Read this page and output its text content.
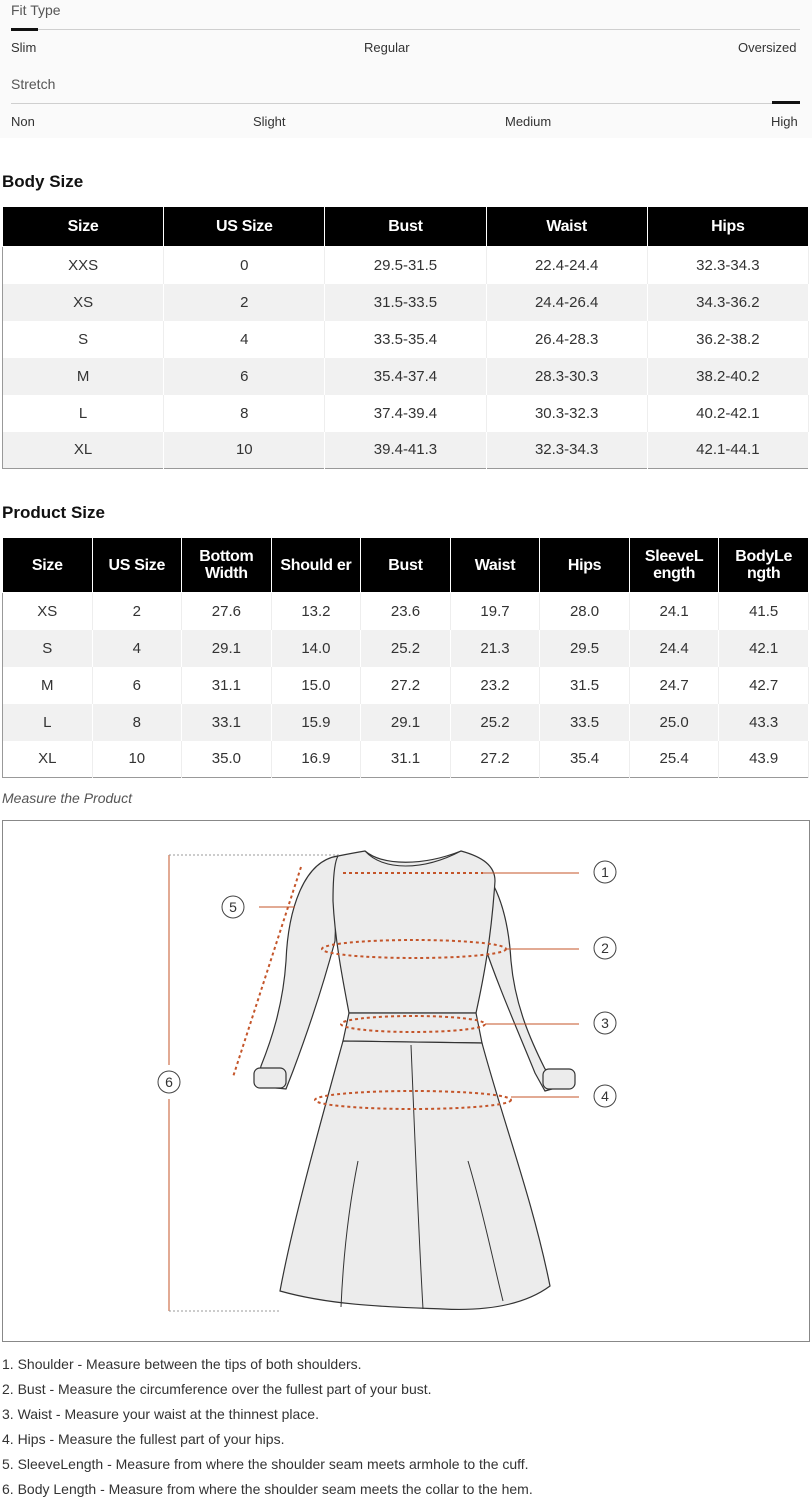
Fit Type
Slim	Regular	Oversized
Stretch
Non	Slight	Medium	High
Body Size
Size	US Size	Bust	Waist	Hips
XXS	0	29.5-31.5	22.4-24.4	32.3-34.3
XS	2	31.5-33.5	24.4-26.4	34.3-36.2
S	4	33.5-35.4	26.4-28.3	36.2-38.2
M	6	35.4-37.4	28.3-30.3	38.2-40.2
L	8	37.4-39.4	30.3-32.3	40.2-42.1
XL	10	39.4-41.3	32.3-34.3	42.1-44.1
Product Size
Size	US Size	Bottom Width	Should er	Bust	Waist	Hips	SleeveL ength	BodyLe ngth
XS	2	27.6	13.2	23.6	19.7	28.0	24.1	41.5
S	4	29.1	14.0	25.2	21.3	29.5	24.4	42.1
M	6	31.1	15.0	27.2	23.2	31.5	24.7	42.7
L	8	33.1	15.9	29.1	25.2	33.5	25.0	43.3
XL	10	35.0	16.9	31.1	27.2	35.4	25.4	43.9
Measure the Product
1
2
3
4
5
6
1. Shoulder - Measure between the tips of both shoulders.
2. Bust - Measure the circumference over the fullest part of your bust.
3. Waist - Measure your waist at the thinnest place.
4. Hips - Measure the fullest part of your hips.
5. SleeveLength - Measure from where the shoulder seam meets armhole to the cuff.
6. Body Length - Measure from where the shoulder seam meets the collar to the hem.
